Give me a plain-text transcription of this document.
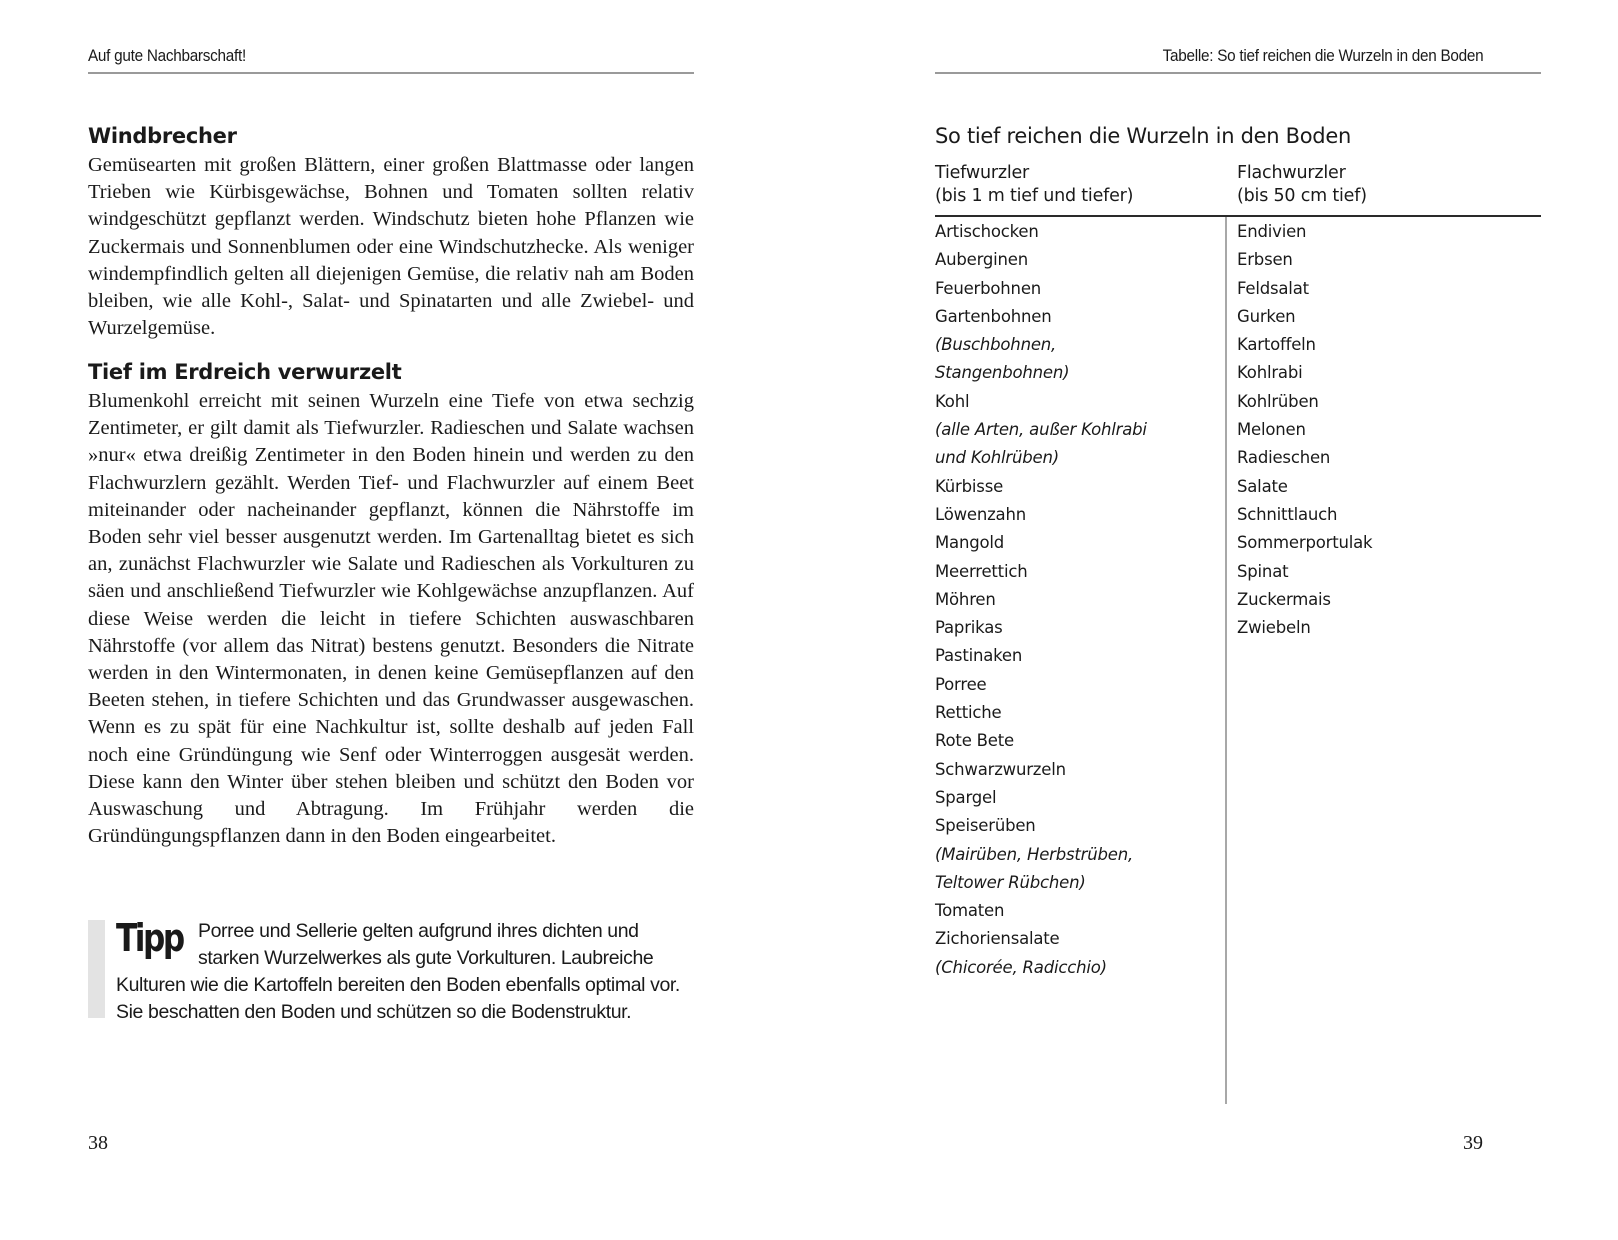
Auf gute Nachbarschaft!
Windbrecher

Gemüsearten mit großen Blättern, einer großen Blattmasse oder langen Trieben wie Kürbisgewächse, Bohnen und Tomaten sollten relativ windgeschützt gepflanzt werden. Windschutz bieten hohe Pflanzen wie Zuckermais und Sonnenblumen oder eine Windschutzhecke. Als weniger windempfindlich gelten all diejenigen Gemüse, die relativ nah am Boden bleiben, wie alle Kohl-, Salat- und Spinatarten und alle Zwiebel- und Wurzelgemüse.

Tief im Erdreich verwurzelt

Blumenkohl erreicht mit seinen Wurzeln eine Tiefe von etwa sechzig Zentimeter, er gilt damit als Tiefwurzler. Radieschen und Salate wachsen »nur« etwa dreißig Zentimeter in den Boden hinein und werden zu den Flachwurzlern gezählt. Werden Tief- und Flachwurzler auf einem Beet miteinander oder nacheinander gepflanzt, können die Nährstoffe im Boden sehr viel besser ausgenutzt werden. Im Gartenalltag bietet es sich an, zunächst Flachwurzler wie Salate und Radieschen als Vorkulturen zu säen und anschließend Tiefwurzler wie Kohlgewächse anzupflanzen. Auf diese Weise werden die leicht in tiefere Schichten auswaschbaren Nährstoffe (vor allem das Nitrat) bestens genutzt. Besonders die Nitrate werden in den Wintermonaten, in denen keine Gemüsepflanzen auf den Beeten stehen, in tiefere Schichten und das Grundwasser ausgewaschen. Wenn es zu spät für eine Nachkultur ist, sollte deshalb auf jeden Fall noch eine Gründüngung wie Senf oder Winterroggen ausgesät werden. Diese kann den Winter über stehen bleiben und schützt den Boden vor Auswaschung und Abtragung. Im Frühjahr werden die Gründüngungspflanzen dann in den Boden eingearbeitet.

Porree und Sellerie gelten aufgrund ihres dichten und starken Wurzelwerkes als gute Vorkulturen. Laubreiche Kulturen wie die Kartoffeln bereiten den Boden ebenfalls optimal vor. Sie beschatten den Boden und schützen so die Bodenstruktur.

Tipp
38
Tabelle: So tief reichen die Wurzeln in den Boden
So tief reichen die Wurzeln in den Boden
Tiefwurzler
(bis 1 m tief und tiefer)
Flachwurzler
(bis 50 cm tief)
Artischocken
Auberginen
Feuerbohnen
Gartenbohnen
(Buschbohnen,
Stangenbohnen)
Kohl
(alle Arten, außer Kohlrabi
und Kohlrüben)
Kürbisse
Löwenzahn
Mangold
Meerrettich
Möhren
Paprikas
Pastinaken
Porree
Rettiche
Rote Bete
Schwarzwurzeln
Spargel
Speiserüben
(Mairüben, Herbstrüben,
Teltower Rübchen)
Tomaten
Zichoriensalate
(Chicorée, Radicchio)
Endivien
Erbsen
Feldsalat
Gurken
Kartoffeln
Kohlrabi
Kohlrüben
Melonen
Radieschen
Salate
Schnittlauch
Sommerportulak
Spinat
Zuckermais
Zwiebeln
39
